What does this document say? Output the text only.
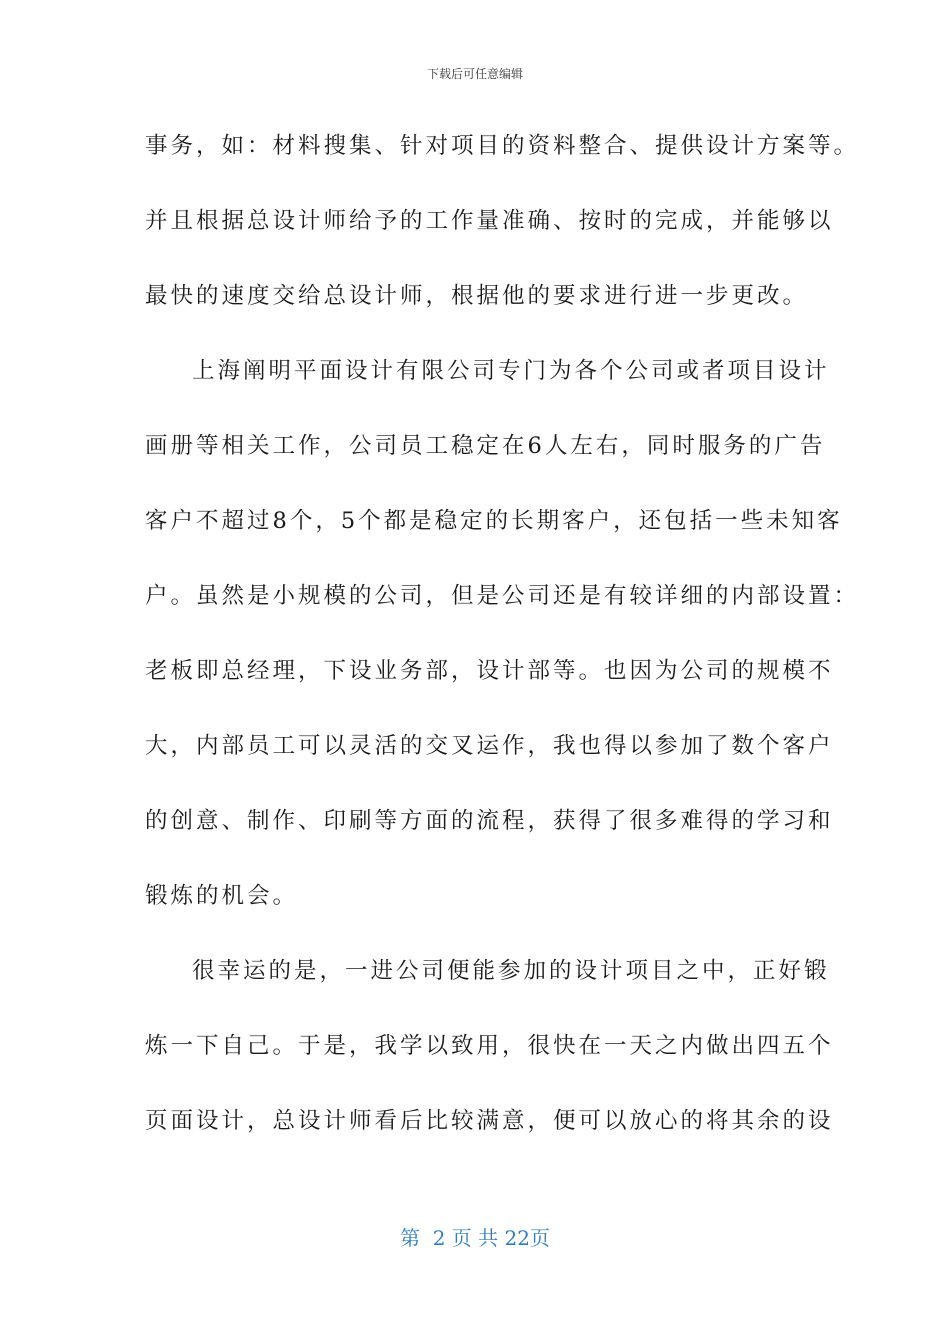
下载后可任意编辑
事务，如：材料搜集、针对项目的资料整合、提供设计方案等。
并且根据总设计师给予的工作量准确、按时的完成，并能够以
最快的速度交给总设计师，根据他的要求进行进一步更改。
上海阐明平面设计有限公司专门为各个公司或者项目设计
画册等相关工作，公司员工稳定在6人左右，同时服务的广告
客户不超过8个，5个都是稳定的长期客户，还包括一些未知客
户。虽然是小规模的公司，但是公司还是有较详细的内部设置：
老板即总经理，下设业务部，设计部等。也因为公司的规模不
大，内部员工可以灵活的交叉运作，我也得以参加了数个客户
的创意、制作、印刷等方面的流程，获得了很多难得的学习和
锻炼的机会。
很幸运的是，一进公司便能参加的设计项目之中，正好锻
炼一下自己。于是，我学以致用，很快在一天之内做出四五个
页面设计，总设计师看后比较满意，便可以放心的将其余的设
第  2 页 共 22页
